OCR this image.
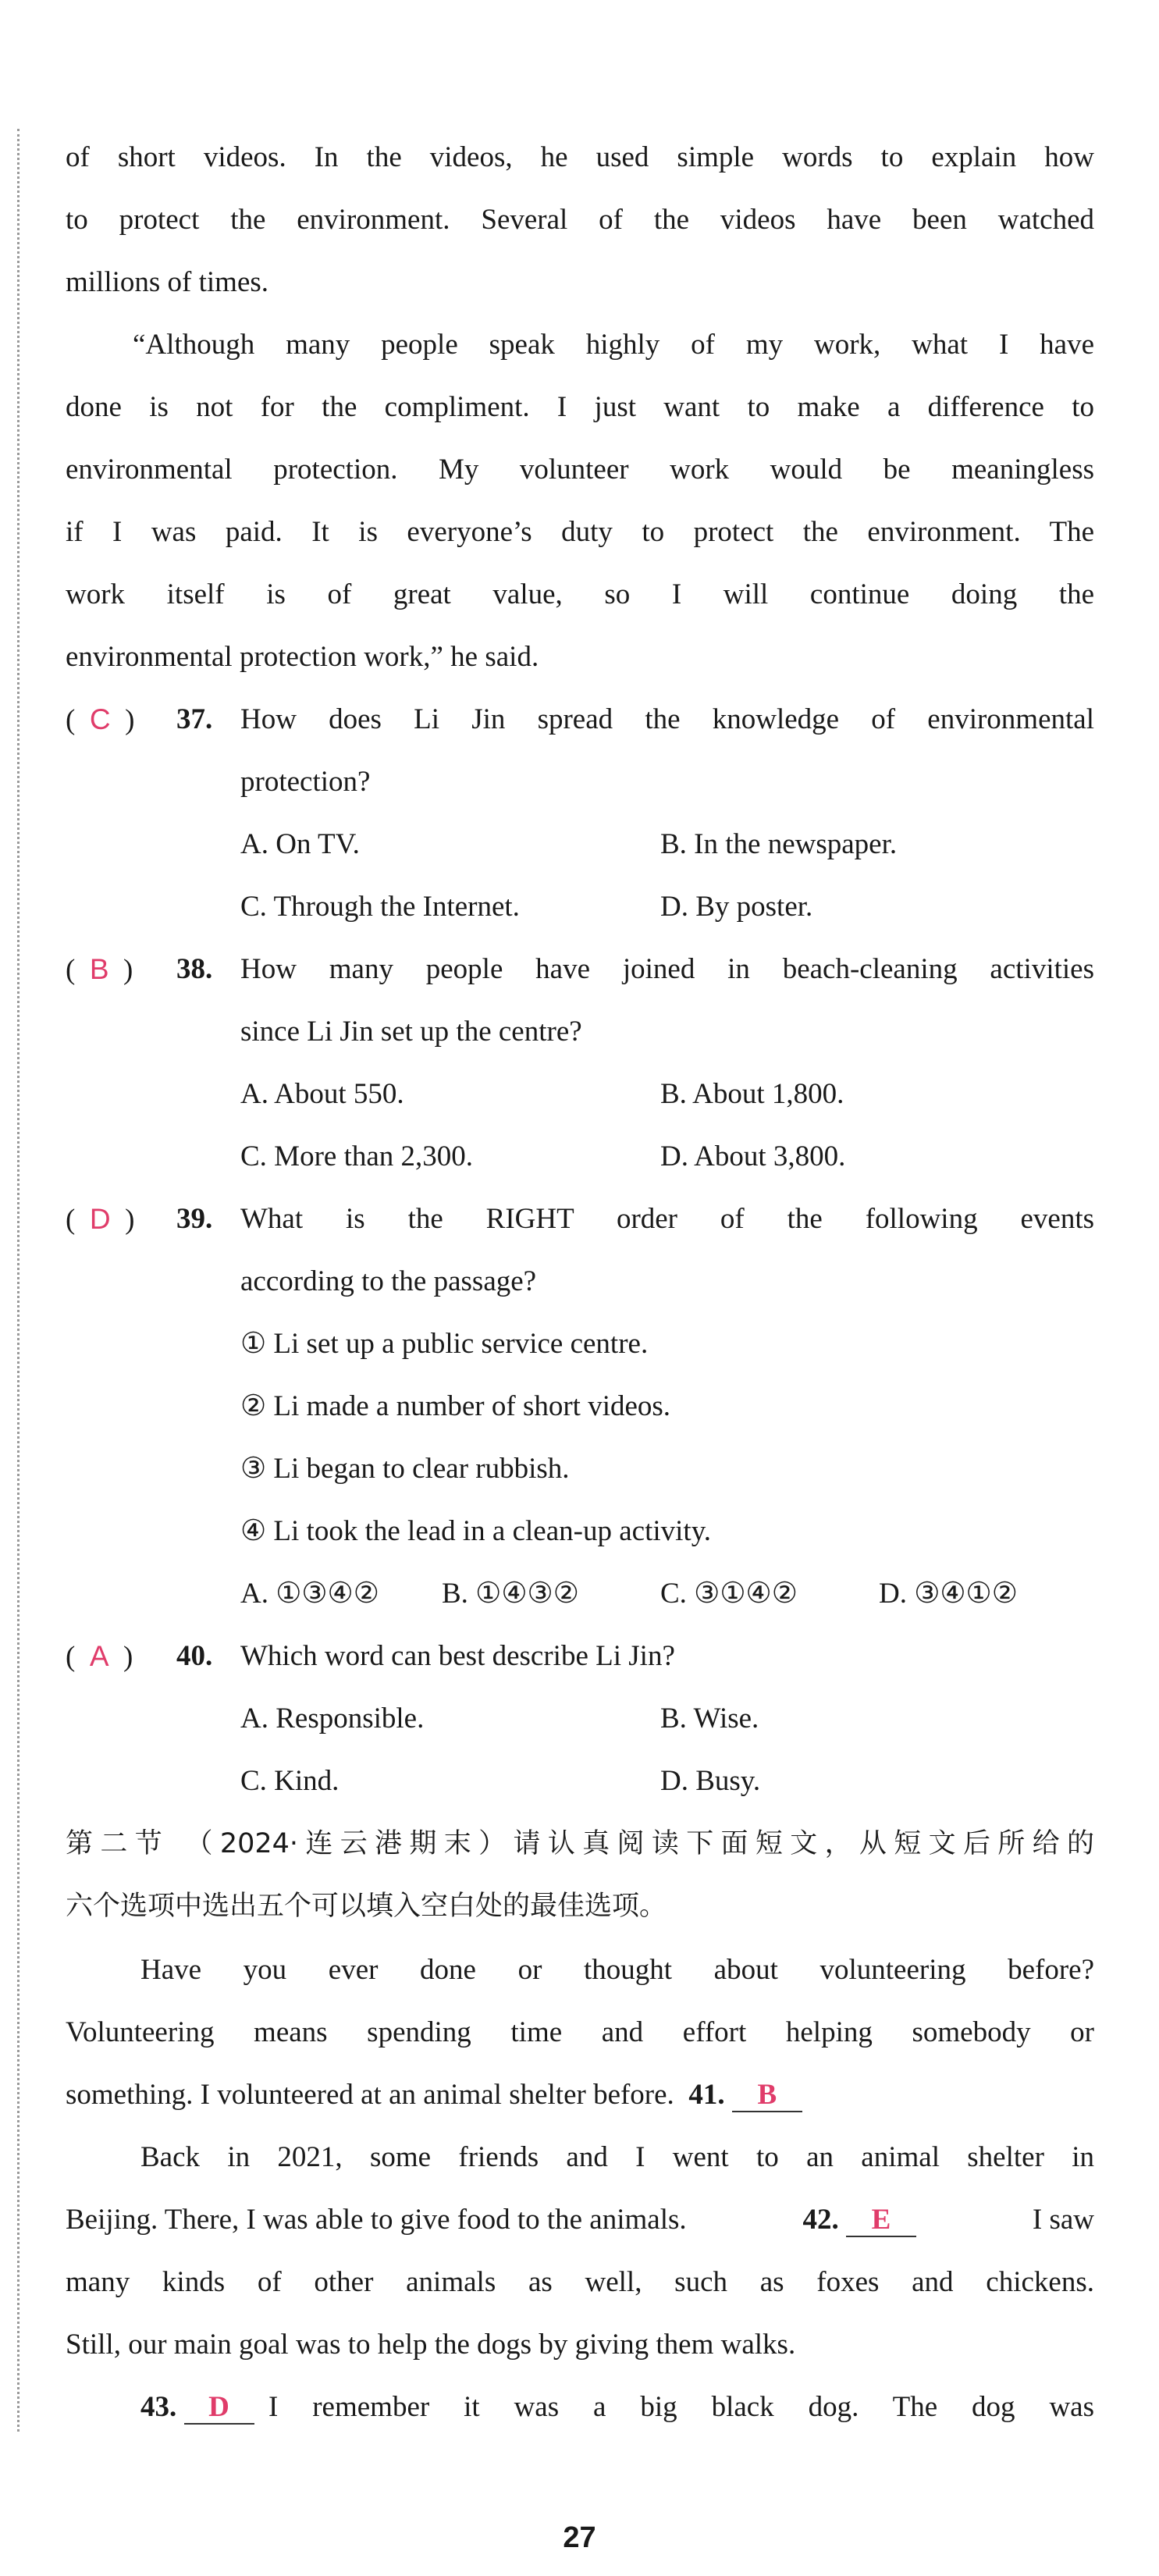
of short videos. In the videos, he used simple words to explain how
to protect the environment. Several of the videos have been watched
millions of times.
“Although many people speak highly of my work, what I have
done is not for the compliment. I just want to make a difference to
environmental protection. My volunteer work would be meaningless
if I was paid. It is everyone’s duty to protect the environment. The
work itself is of great value, so I will continue doing the
environmental protection work,” he said.
(  C  ) 37. How does Li Jin spread the knowledge of environmental
protection?
A. On TV.	B. In the newspaper.
C. Through the Internet.	D. By poster.
(  B  ) 38. How many people have joined in beach-cleaning activities
since Li Jin set up the centre?
A. About 550.	B. About 1,800.
C. More than 2,300.	D. About 3,800.
(  D  ) 39. What is the RIGHT order of the following events
according to the passage?
① Li set up a public service centre.
② Li made a number of short videos.
③ Li began to clear rubbish.
④ Li took the lead in a clean-up activity.
A. ①③④② B. ①④③②	C. ③①④②	D. ③④①②
(  A  ) 40. Which word can best describe Li Jin?
A. Responsible.	B. Wise.
C. Kind.	D. Busy.
第二节 （2024·连云港期末）请认真阅读下面短文，从短文后所给的
六个选项中选出五个可以填入空白处的最佳选项。
Have you ever done or thought about volunteering before?
Volunteering means spending time and effort helping somebody or
something. I volunteered at an animal shelter before. 41. B
Back in 2021, some friends and I went to an animal shelter in
Beijing. There, I was able to give food to the animals.	42. E	I saw
many kinds of other animals as well, such as foxes and chickens.
Still, our main goal was to help the dogs by giving them walks.
27
43.
	D
	I remember it was a big black dog. The dog was
